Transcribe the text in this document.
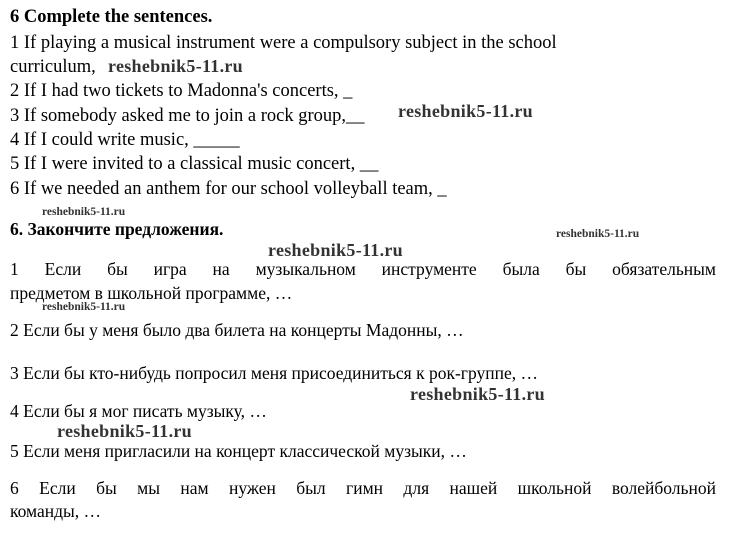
6 Complete the sentences.

1 If playing a musical instrument were a compulsory subject in the school

curriculum,

2 If I had two tickets to Madonna's concerts, _

3 If somebody asked me to join a rock group,__

4 If I could write music, _____

5 If I were invited to a classical music concert, __

6 If we needed an anthem for our school volleyball team, _

6. Закончите предложения.

1 Если бы игра на музыкальном инструменте была бы обязательным

предметом в школьной программе, …

2 Если бы у меня было два билета на концерты Мадонны, …

3 Если бы кто-нибудь попросил меня присоединиться к рок-группе, …

4 Если бы я мог писать музыку, …

5 Если меня пригласили на концерт классической музыки, …

6 Если бы мы нам нужен был гимн для нашей школьной волейбольной

команды, …

reshebnik5-11.ru

reshebnik5-11.ru

reshebnik5-11.ru

reshebnik5-11.ru

reshebnik5-11.ru

reshebnik5-11.ru

reshebnik5-11.ru

reshebnik5-11.ru
